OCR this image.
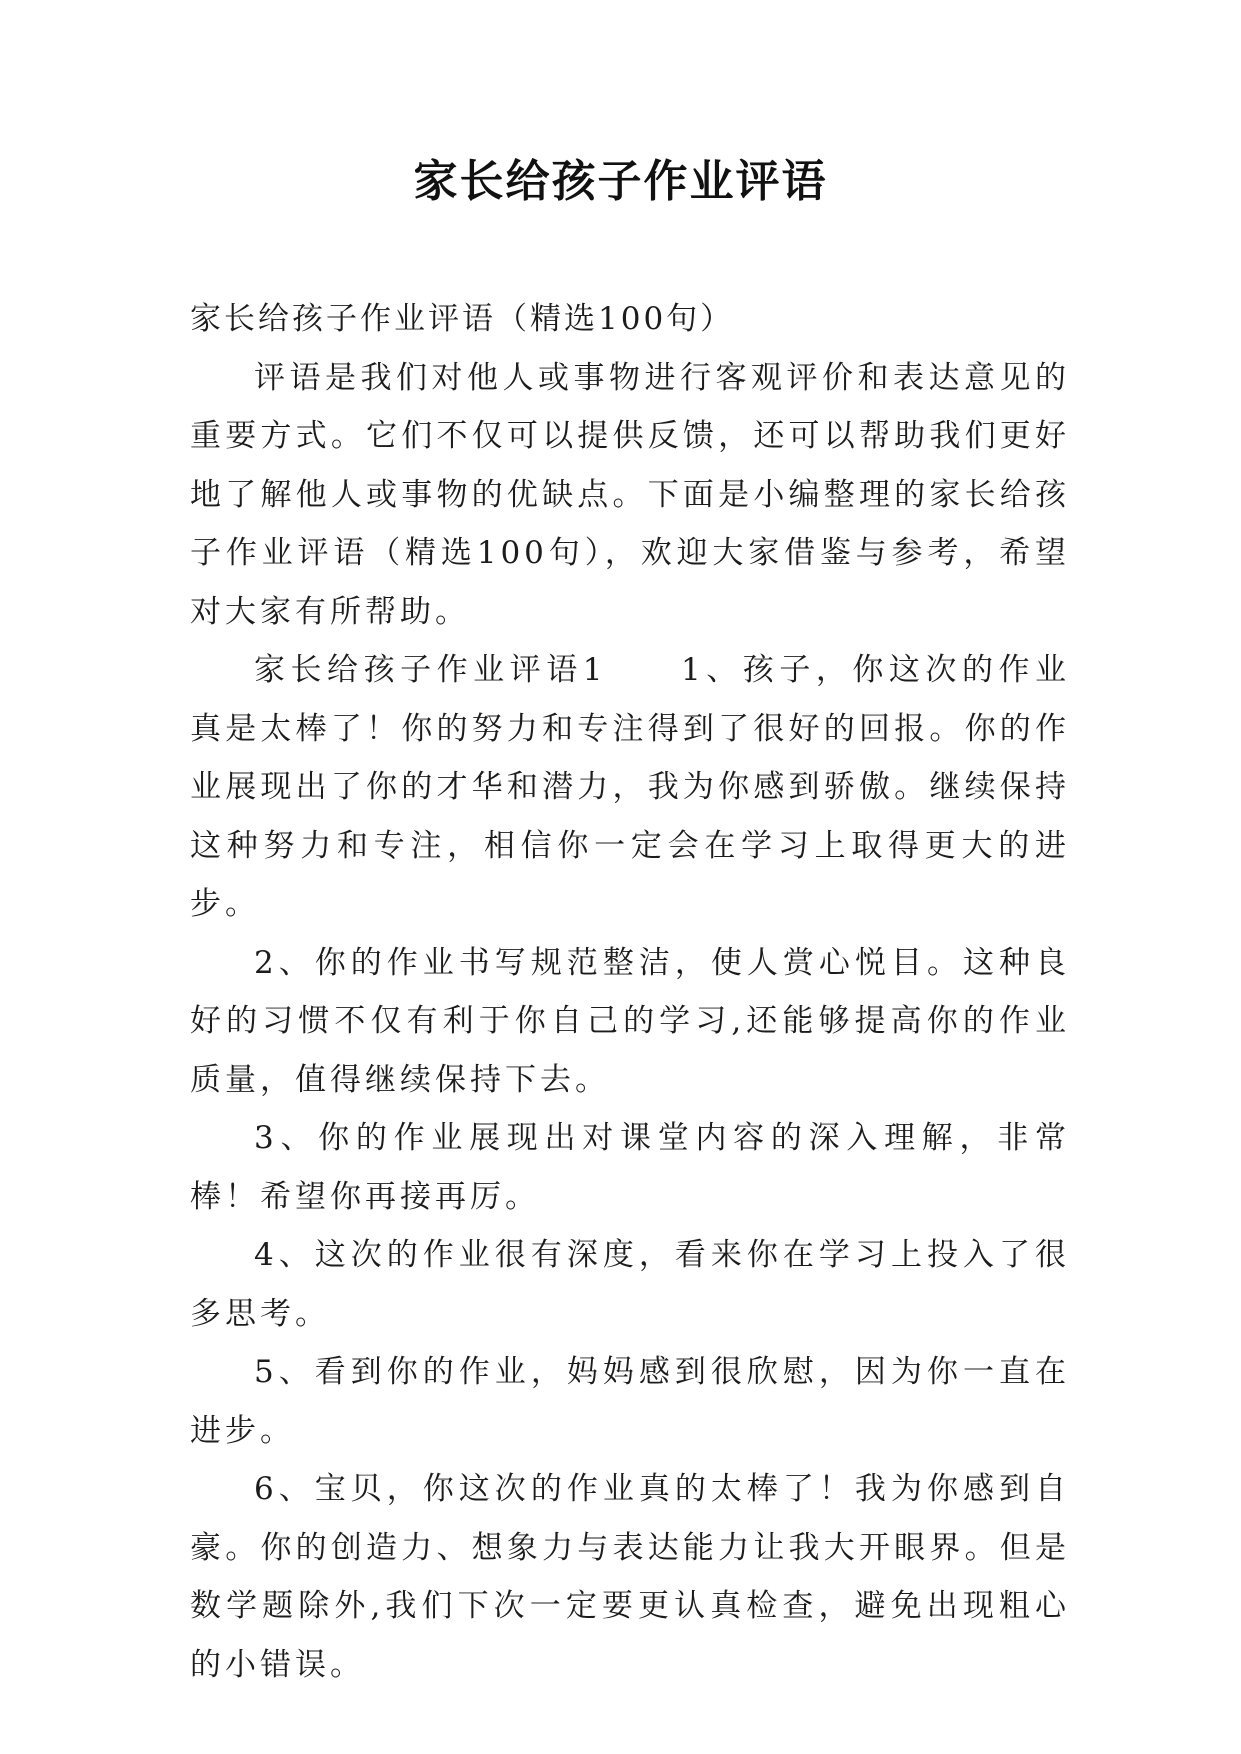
家长给孩子作业评语

家长给孩子作业评语（精选100句）

评语是我们对他人或事物进行客观评价和表达意见的重要方式。它们不仅可以提供反馈，还可以帮助我们更好地了解他人或事物的优缺点。下面是小编整理的家长给孩子作业评语（精选100句），欢迎大家借鉴与参考，希望对大家有所帮助。

家长给孩子作业评语1　　1、孩子，你这次的作业真是太棒了！你的努力和专注得到了很好的回报。你的作业展现出了你的才华和潜力，我为你感到骄傲。继续保持这种努力和专注，相信你一定会在学习上取得更大的进步。

2、你的作业书写规范整洁，使人赏心悦目。这种良好的习惯不仅有利于你自己的学习,还能够提高你的作业质量，值得继续保持下去。

3、你的作业展现出对课堂内容的深入理解，非常棒！希望你再接再厉。

4、这次的作业很有深度，看来你在学习上投入了很多思考。

5、看到你的作业，妈妈感到很欣慰，因为你一直在进步。

6、宝贝，你这次的作业真的太棒了！我为你感到自豪。你的创造力、想象力与表达能力让我大开眼界。但是数学题除外,我们下次一定要更认真检查，避免出现粗心的小错误。
